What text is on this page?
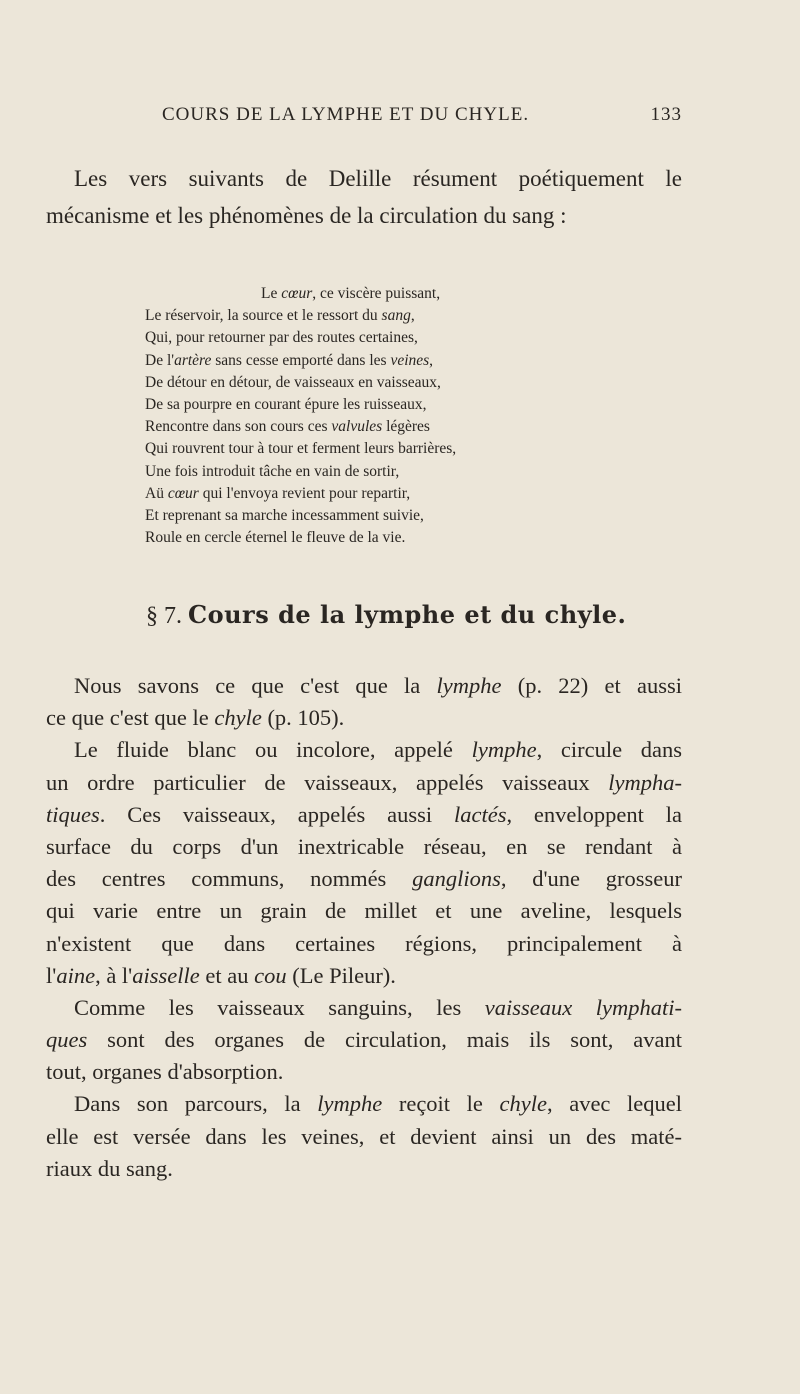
COURS DE LA LYMPHE ET DU CHYLE.	133
Les vers suivants de Delille résument poétiquement le
mécanisme et les phénomènes de la circulation du sang :
Le cœur, ce viscère puissant,
Le réservoir, la source et le ressort du sang,
Qui, pour retourner par des routes certaines,
De l'artère sans cesse emporté dans les veines,
De détour en détour, de vaisseaux en vaisseaux,
De sa pourpre en courant épure les ruisseaux,
Rencontre dans son cours ces valvules légères
Qui rouvrent tour à tour et ferment leurs barrières,
Une fois introduit tâche en vain de sortir,
Aü cœur qui l'envoya revient pour repartir,
Et reprenant sa marche incessamment suivie,
Roule en cercle éternel le fleuve de la vie.
§ 7. Cours de la lymphe et du chyle.
Nous savons ce que c'est que la lymphe (p. 22) et aussi
ce que c'est que le chyle (p. 105).
Le fluide blanc ou incolore, appelé lymphe, circule dans
un ordre particulier de vaisseaux, appelés vaisseaux lympha-
tiques. Ces vaisseaux, appelés aussi lactés, enveloppent la
surface du corps d'un inextricable réseau, en se rendant à
des centres communs, nommés ganglions, d'une grosseur
qui varie entre un grain de millet et une aveline, lesquels
n'existent que dans certaines régions, principalement à
l'aine, à l'aisselle et au cou (Le Pileur).
Comme les vaisseaux sanguins, les vaisseaux lymphati-
ques sont des organes de circulation, mais ils sont, avant
tout, organes d'absorption.
Dans son parcours, la lymphe reçoit le chyle, avec lequel
elle est versée dans les veines, et devient ainsi un des maté-
riaux du sang.
